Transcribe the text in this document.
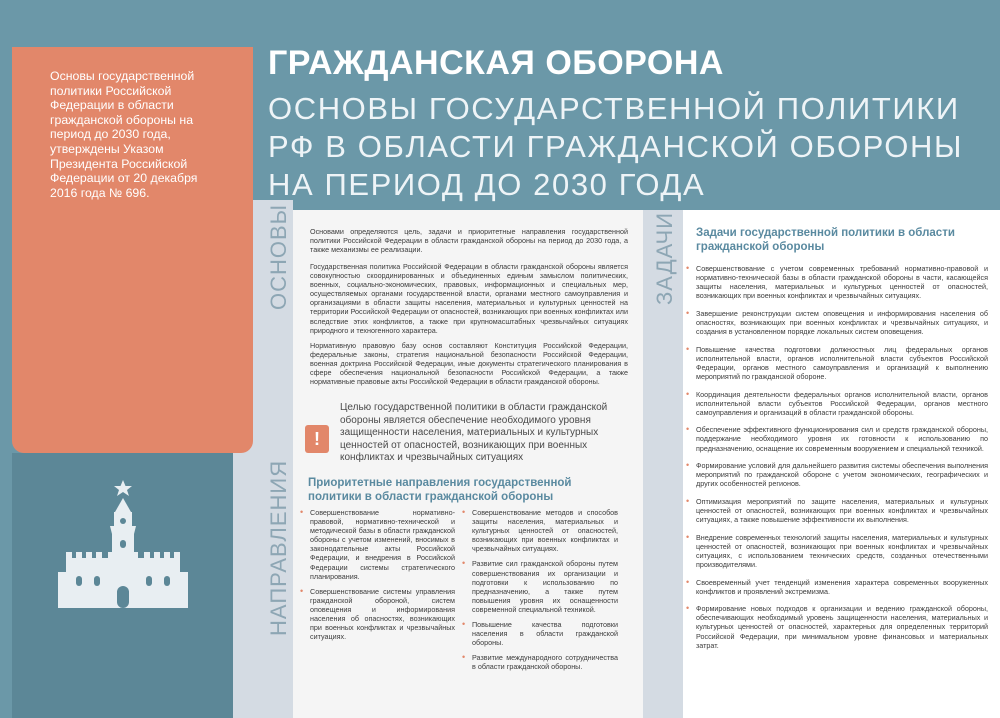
Основы государственной политики Российской Федерации в области гражданской обороны на период до 2030 года, утверждены Указом Президента Российской Федерации от 20 декабря 2016 года № 696.

ГРАЖДАНСКАЯ ОБОРОНА
ОСНОВЫ ГОСУДАРСТВЕННОЙ ПОЛИТИКИ РФ В ОБЛАСТИ ГРАЖДАНСКОЙ ОБОРОНЫ НА ПЕРИОД ДО 2030 ГОДА
ОСНОВЫ
НАПРАВЛЕНИЯ
ЗАДАЧИ

Основами определяются цель, задачи и приоритетные направления государственной политики Российской Федерации в области гражданской обороны на период до 2030 года, а также механизмы ее реализации.

Государственная политика Российской Федерации в области гражданской обороны является совокупностью скоординированных и объединенных единым замыслом политических, военных, социально-экономических, правовых, информационных и специальных мер, осуществляемых органами государственной власти, органами местного самоуправления и организациями в области защиты населения, материальных и культурных ценностей на территории Российской Федерации от опасностей, возникающих при военных конфликтах или вследствие этих конфликтов, а также при крупномасштабных чрезвычайных ситуациях природного и техногенного характера.

Нормативную правовую базу основ составляют Конституция Российской Федерации, федеральные законы, стратегия национальной безопасности Российской Федерации, военная доктрина Российской Федерации, иные документы стратегического планирования в сфере обеспечения национальной безопасности Российской Федерации, а также нормативные правовые акты Российской Федерации в области гражданской обороны.

!

Целью государственной политики в области гражданской обороны является обеспечение необходимого уровня защищенности населения, материальных и культурных ценностей от опасностей, возникающих при военных конфликтах и чрезвычайных ситуациях

Приоритетные направления государственной политики в области гражданской обороны
• Совершенствование нормативно-правовой, нормативно-технической и методической базы в области гражданской обороны с учетом изменений, вносимых в законодательные акты Российской Федерации, и внедрения в Российской Федерации системы стратегического планирования.
• Совершенствование системы управления гражданской обороной, систем оповещения и информирования населения об опасностях, возникающих при военных конфликтах и чрезвычайных ситуациях.
• Совершенствование методов и способов защиты населения, материальных и культурных ценностей от опасностей, возникающих при военных конфликтах и чрезвычайных ситуациях.
• Развитие сил гражданской обороны путем совершенствования их организации и подготовки к использованию по предназначению, а также путем повышения уровня их оснащенности современной специальной техникой.
• Повышение качества подготовки населения в области гражданской обороны.
• Развитие международного сотрудничества в области гражданской обороны.
Задачи государственной политики в области гражданской обороны
• Совершенствование с учетом современных требований нормативно-правовой и нормативно-технической базы в области гражданской обороны в части, касающейся защиты населения, материальных и культурных ценностей от опасностей, возникающих при военных конфликтах и чрезвычайных ситуациях.
• Завершение реконструкции систем оповещения и информирования населения об опасностях, возникающих при военных конфликтах и чрезвычайных ситуациях, и создания в установленном порядке локальных систем оповещения.
• Повышение качества подготовки должностных лиц федеральных органов исполнительной власти, органов исполнительной власти субъектов Российской Федерации, органов местного самоуправления и организаций к выполнению мероприятий по гражданской обороне.
• Координация деятельности федеральных органов исполнительной власти, органов исполнительной власти субъектов Российской Федерации, органов местного самоуправления и организаций в области гражданской обороны.
• Обеспечение эффективного функционирования сил и средств гражданской обороны, поддержание необходимого уровня их готовности к использованию по предназначению, оснащение их современным вооружением и специальной техникой.
• Формирование условий для дальнейшего развития системы обеспечения выполнения мероприятий по гражданской обороне с учетом экономических, географических и других особенностей регионов.
• Оптимизация мероприятий по защите населения, материальных и культурных ценностей от опасностей, возникающих при военных конфликтах и чрезвычайных ситуациях, а также повышение эффективности их выполнения.
• Внедрение современных технологий защиты населения, материальных и культурных ценностей от опасностей, возникающих при военных конфликтах и чрезвычайных ситуациях, с использованием технических средств, созданных отечественными производителями.
• Своевременный учет тенденций изменения характера современных вооруженных конфликтов и проявлений экстремизма.
• Формирование новых подходов к организации и ведению гражданской обороны, обеспечивающих необходимый уровень защищенности населения, материальных и культурных ценностей от опасностей, характерных для определенных территорий Российской Федерации, при минимальном уровне финансовых и материальных затрат.
